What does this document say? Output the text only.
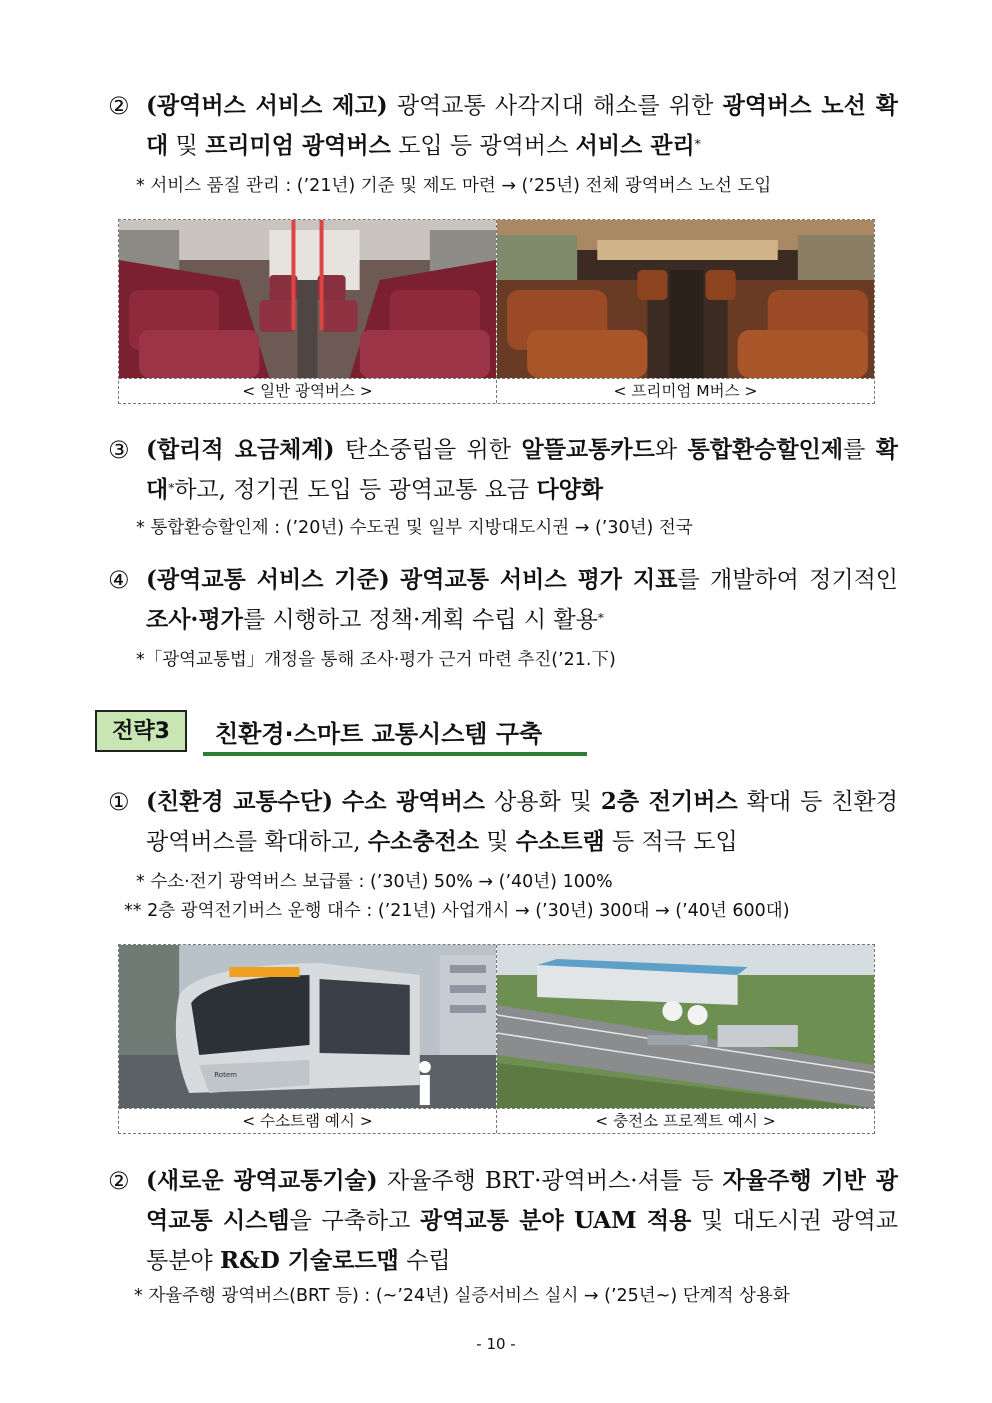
② (광역버스 서비스 제고) 광역교통 사각지대 해소를 위한 광역버스 노선 확대 및 프리미엄 광역버스 도입 등 광역버스 서비스 관리*
* 서비스 품질 관리 : (’21년) 기준 및 제도 마련 → (’25년) 전체 광역버스 노선 도입
< 일반 광역버스 >	< 프리미엄 M버스 >
③ (합리적 요금체계) 탄소중립을 위한 알뜰교통카드와 통합환승할인제를 확대*하고, 정기권 도입 등 광역교통 요금 다양화
* 통합환승할인제 : (’20년) 수도권 및 일부 지방대도시권 → (’30년) 전국
④ (광역교통 서비스 기준) 광역교통 서비스 평가 지표를 개발하여 정기적인 조사·평가를 시행하고 정책·계획 수립 시 활용*
*「광역교통법」개정을 통해 조사·평가 근거 마련 추진(’21.下)
전략3	친환경·스마트 교통시스템 구축
① (친환경 교통수단) 수소 광역버스 상용화 및 2층 전기버스 확대 등 친환경 광역버스를 확대하고, 수소충전소 및 수소트램 등 적극 도입
* 수소·전기 광역버스 보급률 : (’30년) 50% → (’40년) 100%
** 2층 광역전기버스 운행 대수 : (’21년) 사업개시 → (’30년) 300대 → (’40년 600대)
Rotem
< 수소트램 예시 >	< 충전소 프로젝트 예시 >
② (새로운 광역교통기술) 자율주행 BRT·광역버스·셔틀 등 자율주행 기반 광역교통 시스템을 구축하고 광역교통 분야 UAM 적용 및 대도시권 광역교통분야 R&D 기술로드맵 수립
* 자율주행 광역버스(BRT 등) : (~’24년) 실증서비스 실시 → (’25년~) 단계적 상용화
- 10 -
